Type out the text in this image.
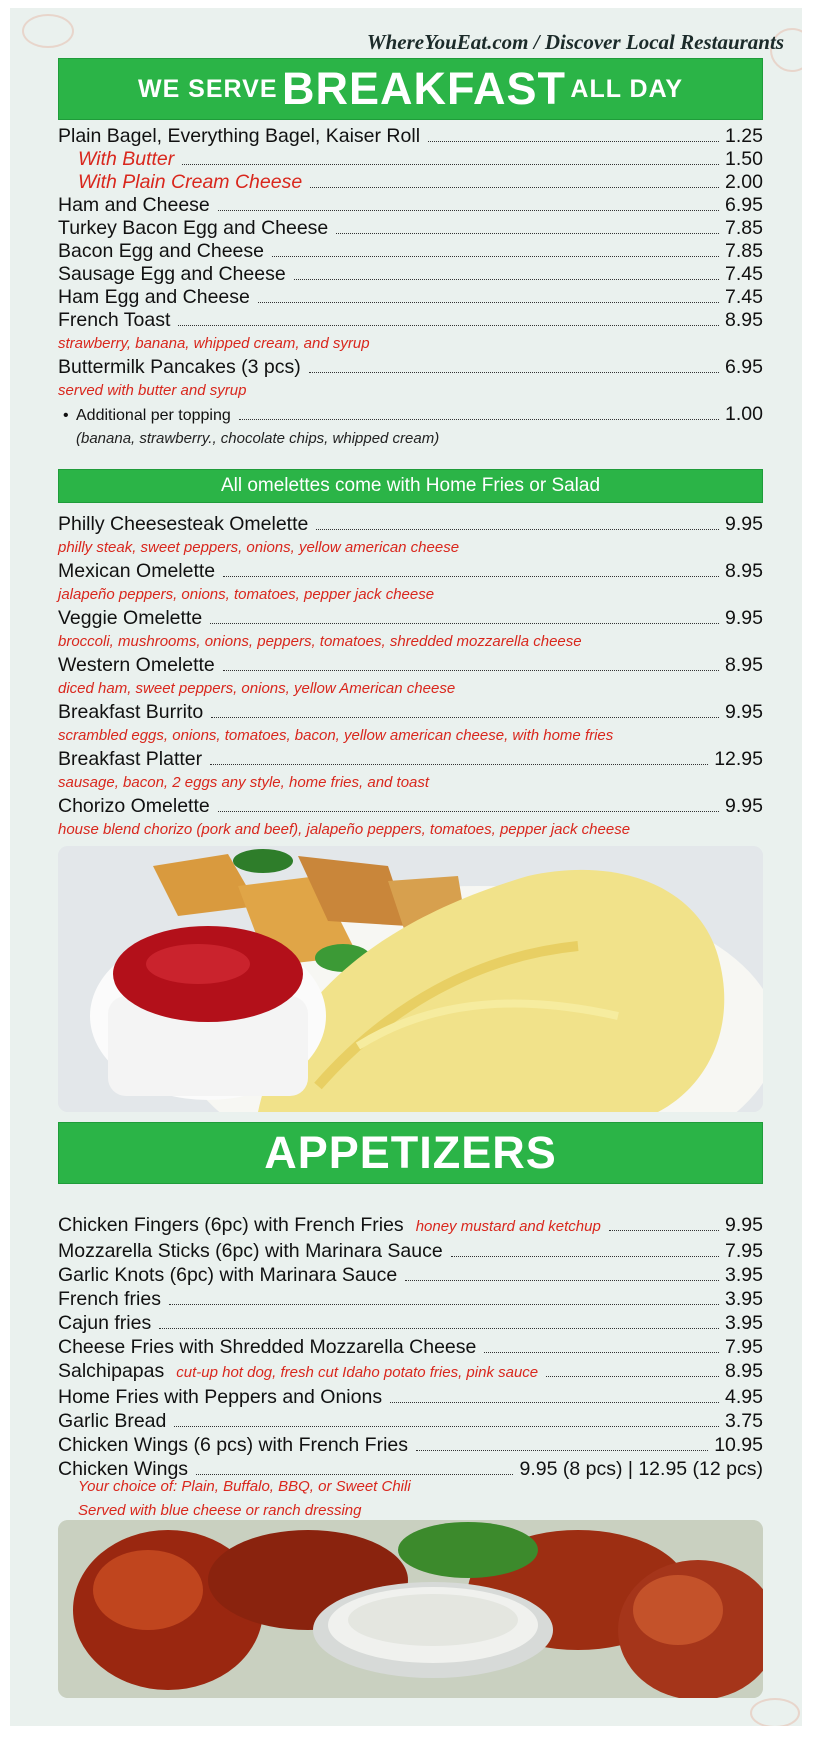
WhereYouEat.com / Discover Local Restaurants
WE SERVE BREAKFAST ALL DAY
Plain Bagel, Everything Bagel, Kaiser Roll	1.25
With Butter	1.50
With Plain Cream Cheese	2.00
Ham and Cheese	6.95
Turkey Bacon Egg and Cheese	7.85
Bacon Egg and Cheese	7.85
Sausage Egg and Cheese	7.45
Ham Egg and Cheese	7.45
French Toast	8.95
strawberry, banana, whipped cream, and syrup
Buttermilk Pancakes (3 pcs)	6.95
served with butter and syrup
• Additional per topping	1.00
(banana, strawberry., chocolate chips, whipped cream)
All omelettes come with Home Fries or Salad
Philly Cheesesteak Omelette	9.95
philly steak, sweet peppers, onions, yellow american cheese
Mexican Omelette	8.95
jalapeño peppers, onions, tomatoes, pepper jack cheese
Veggie Omelette	9.95
broccoli, mushrooms, onions, peppers, tomatoes, shredded mozzarella cheese
Western Omelette	8.95
diced ham, sweet peppers, onions, yellow American cheese
Breakfast Burrito	9.95
scrambled eggs, onions, tomatoes, bacon, yellow american cheese, with home fries
Breakfast Platter	12.95
sausage, bacon, 2 eggs any style, home fries, and toast
Chorizo Omelette	9.95
house blend chorizo (pork and beef), jalapeño peppers, tomatoes, pepper jack cheese
APPETIZERS
Chicken Fingers (6pc) with French Fries honey mustard and ketchup	9.95
Mozzarella Sticks (6pc) with Marinara Sauce	7.95
Garlic Knots (6pc) with Marinara Sauce	3.95
French fries	3.95
Cajun fries	3.95
Cheese Fries with Shredded Mozzarella Cheese	7.95
Salchipapas cut-up hot dog, fresh cut Idaho potato fries, pink sauce	8.95
Home Fries with Peppers and Onions	4.95
Garlic Bread	3.75
Chicken Wings (6 pcs) with French Fries	10.95
Chicken Wings	9.95 (8 pcs) | 12.95 (12 pcs)
Your choice of: Plain, Buffalo, BBQ, or Sweet Chili
Served with blue cheese or ranch dressing
